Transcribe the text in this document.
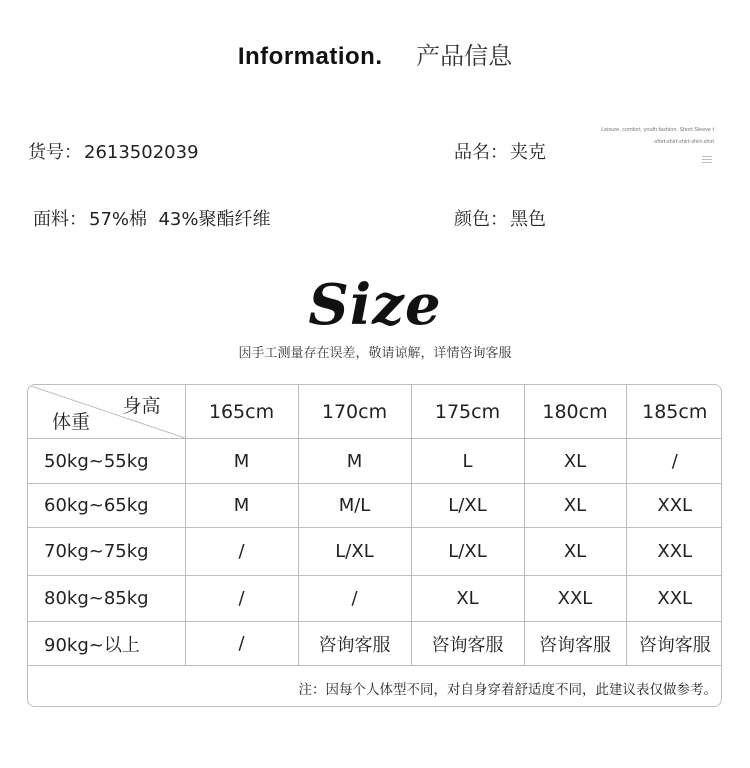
Information. 产品信息
货号： 2613502039	品名： 夹克
面料： 57%棉  43%聚酯纤维	颜色： 黑色
Leisure, comfort, youth fashion, Short Sleeve t
-shirt-shirt-shirt-shirt-shirt
Size
因手工测量存在误差，敬请谅解，详情咨询客服
身高
体重	165cm	170cm	175cm	180cm	185cm
50kg~55kg	M	M	L	XL	/
60kg~65kg	M	M/L	L/XL	XL	XXL
70kg~75kg	/	L/XL	L/XL	XL	XXL
80kg~85kg	/	/	XL	XXL	XXL
90kg~以上	/	咨询客服	咨询客服	咨询客服	咨询客服
注：因每个人体型不同，对自身穿着舒适度不同，此建议表仅做参考。					
